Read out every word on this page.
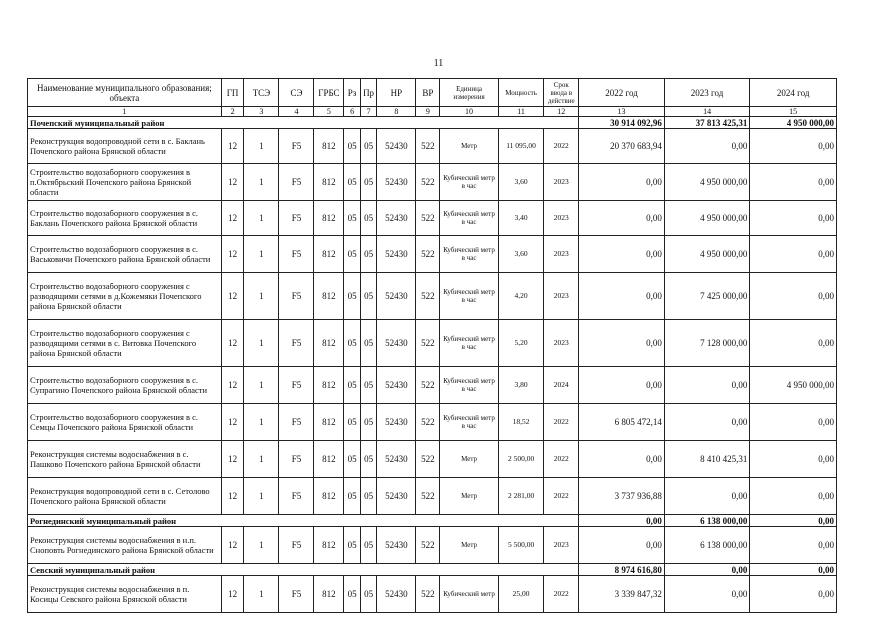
11
Наименование муниципального образования; объекта	ГП	ТСЭ	СЭ	ГРБС	Рз	Пр	НР	ВР	Единица измерения	Мощность	Срок ввода в действие	2022 год	2023 год	2024 год
1	2	3	4	5	6	7	8	9	10	11	12	13	14	15
Почепский муниципальный район												30 914 092,96	37 813 425,31	4 950 000,00
Реконструкция водопроводной сети в с. Баклань Почепского района Брянской области	12	1	F5	812	05	05	52430	522	Метр	11 095,00	2022	20 370 683,94	0,00	0,00
Строительство водозаборного сооружения в п.Октябрьский Почепского района Брянской области	12	1	F5	812	05	05	52430	522	Кубический метр в час	3,60	2023	0,00	4 950 000,00	0,00
Строительство водозаборного сооружения в с. Баклань Почепского района Брянской области	12	1	F5	812	05	05	52430	522	Кубический метр в час	3,40	2023	0,00	4 950 000,00	0,00
Строительство водозаборного сооружения в с. Васьковичи Почепского района Брянской области	12	1	F5	812	05	05	52430	522	Кубический метр в час	3,60	2023	0,00	4 950 000,00	0,00
Строительство водозаборного сооружения с разводящими сетями в д.Кожемяки Почепского района Брянской области	12	1	F5	812	05	05	52430	522	Кубический метр в час	4,20	2023	0,00	7 425 000,00	0,00
Строительство водозаборного сооружения с разводящими сетями в с. Витовка Почепского района Брянской области	12	1	F5	812	05	05	52430	522	Кубический метр в час	5,20	2023	0,00	7 128 000,00	0,00
Строительство водозаборного сооружения в с. Супрагино Почепского района Брянской области	12	1	F5	812	05	05	52430	522	Кубический метр в час	3,80	2024	0,00	0,00	4 950 000,00
Строительство водозаборного сооружения в с. Семцы Почепского района Брянской области	12	1	F5	812	05	05	52430	522	Кубический метр в час	18,52	2022	6 805 472,14	0,00	0,00
Реконструкция системы водоснабжения в с. Пашково Почепского района Брянской области	12	1	F5	812	05	05	52430	522	Метр	2 500,00	2022	0,00	8 410 425,31	0,00
Реконструкция водопроводной сети в с. Сетолово Почепского района Брянской области	12	1	F5	812	05	05	52430	522	Метр	2 281,00	2022	3 737 936,88	0,00	0,00
Рогнединский муниципальный район												0,00	6 138 000,00	0,00
Реконструкция системы водоснабжения в н.п. Сноповть Рогнединского района Брянской области	12	1	F5	812	05	05	52430	522	Метр	5 500,00	2023	0,00	6 138 000,00	0,00
Севский муниципальный район												8 974 616,80	0,00	0,00
Реконструкция системы водоснабжения в п. Косицы Севского района Брянской области	12	1	F5	812	05	05	52430	522	Кубический метр	25,00	2022	3 339 847,32	0,00	0,00
